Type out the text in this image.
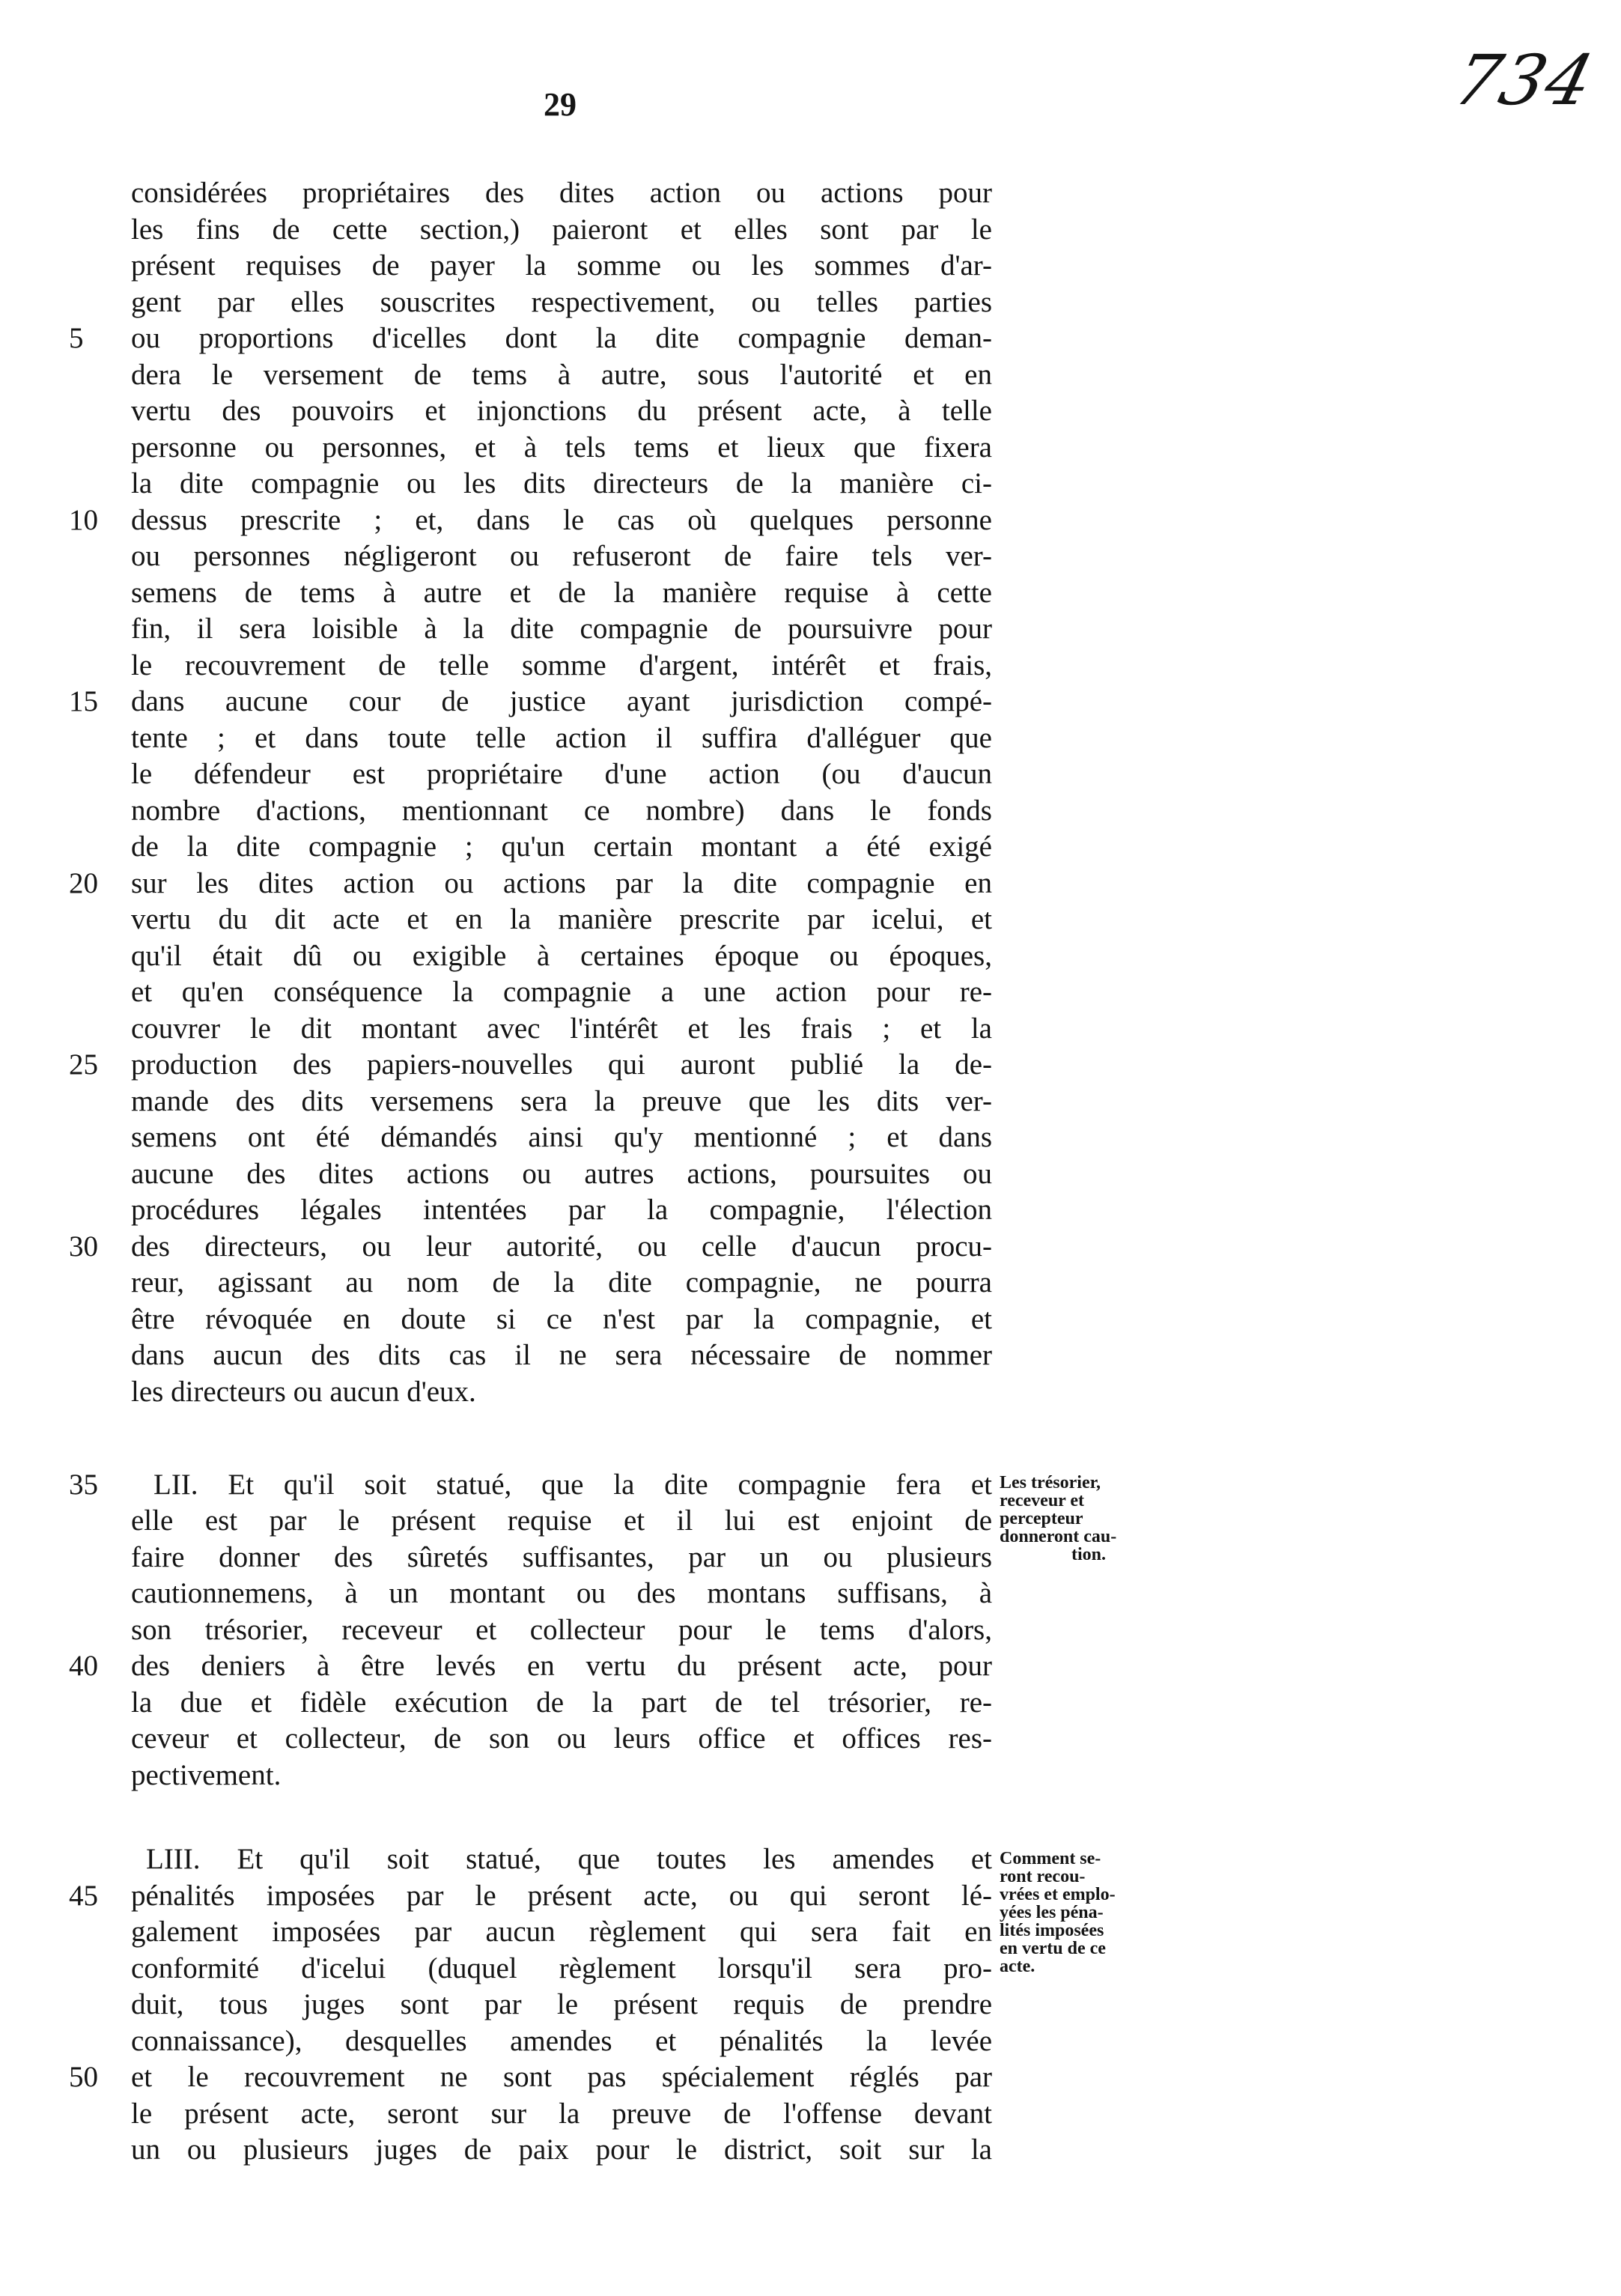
29	734
considérées propriétaires des dites action ou actions pour
les fins de cette section,) paieront et elles sont par le
présent requises de payer la somme ou les sommes d'ar-
gent par elles souscrites respectivement, ou telles parties
ou proportions d'icelles dont la dite compagnie deman-
dera le versement de tems à autre, sous l'autorité et en
vertu des pouvoirs et injonctions du présent acte, à telle
personne ou personnes, et à tels tems et lieux que fixera
la dite compagnie ou les dits directeurs de la manière ci-
dessus prescrite ; et, dans le cas où quelques personne
ou personnes négligeront ou refuseront de faire tels ver-
semens de tems à autre et de la manière requise à cette
fin, il sera loisible à la dite compagnie de poursuivre pour
le recouvrement de telle somme d'argent, intérêt et frais,
dans aucune cour de justice ayant jurisdiction compé-
tente ; et dans toute telle action il suffira d'alléguer que
le défendeur est propriétaire d'une action (ou d'aucun
nombre d'actions, mentionnant ce nombre) dans le fonds
de la dite compagnie ; qu'un certain montant a été exigé
sur les dites action ou actions par la dite compagnie en
vertu du dit acte et en la manière prescrite par icelui, et
qu'il était dû ou exigible à certaines époque ou époques,
et qu'en conséquence la compagnie a une action pour re-
couvrer le dit montant avec l'intérêt et les frais ; et la
production des papiers-nouvelles qui auront publié la de-
mande des dits versemens sera la preuve que les dits ver-
semens ont été démandés ainsi qu'y mentionné ; et dans
aucune des dites actions ou autres actions, poursuites ou
procédures légales intentées par la compagnie, l'élection
des directeurs, ou leur autorité, ou celle d'aucun procu-
reur, agissant au nom de la dite compagnie, ne pourra
être révoquée en doute si ce n'est par la compagnie, et
dans aucun des dits cas il ne sera nécessaire de nommer
les directeurs ou aucun d'eux.
LII. Et qu'il soit statué, que la dite compagnie fera et
elle est par le présent requise et il lui est enjoint de
faire donner des sûretés suffisantes, par un ou plusieurs
cautionnemens, à un montant ou des montans suffisans, à
son trésorier, receveur et collecteur pour le tems d'alors,
des deniers à être levés en vertu du présent acte, pour
la due et fidèle exécution de la part de tel trésorier, re-
ceveur et collecteur, de son ou leurs office et offices res-
pectivement.
LIII. Et qu'il soit statué, que toutes les amendes et
pénalités imposées par le présent acte, ou qui seront lé-
galement imposées par aucun règlement qui sera fait en
conformité d'icelui (duquel règlement lorsqu'il sera pro-
duit, tous juges sont par le présent requis de prendre
connaissance), desquelles amendes et pénalités la levée
et le recouvrement ne sont pas spécialement réglés par
le présent acte, seront sur la preuve de l'offense devant
un ou plusieurs juges de paix pour le district, soit sur la
5
10
15
20
25
30
35
40
45
50
Les trésorier,
receveur et
percepteur
donneront cau-
tion.
Comment se-
ront recou-
vrées et emplo-
yées les péna-
lités imposées
en vertu de ce
acte.
